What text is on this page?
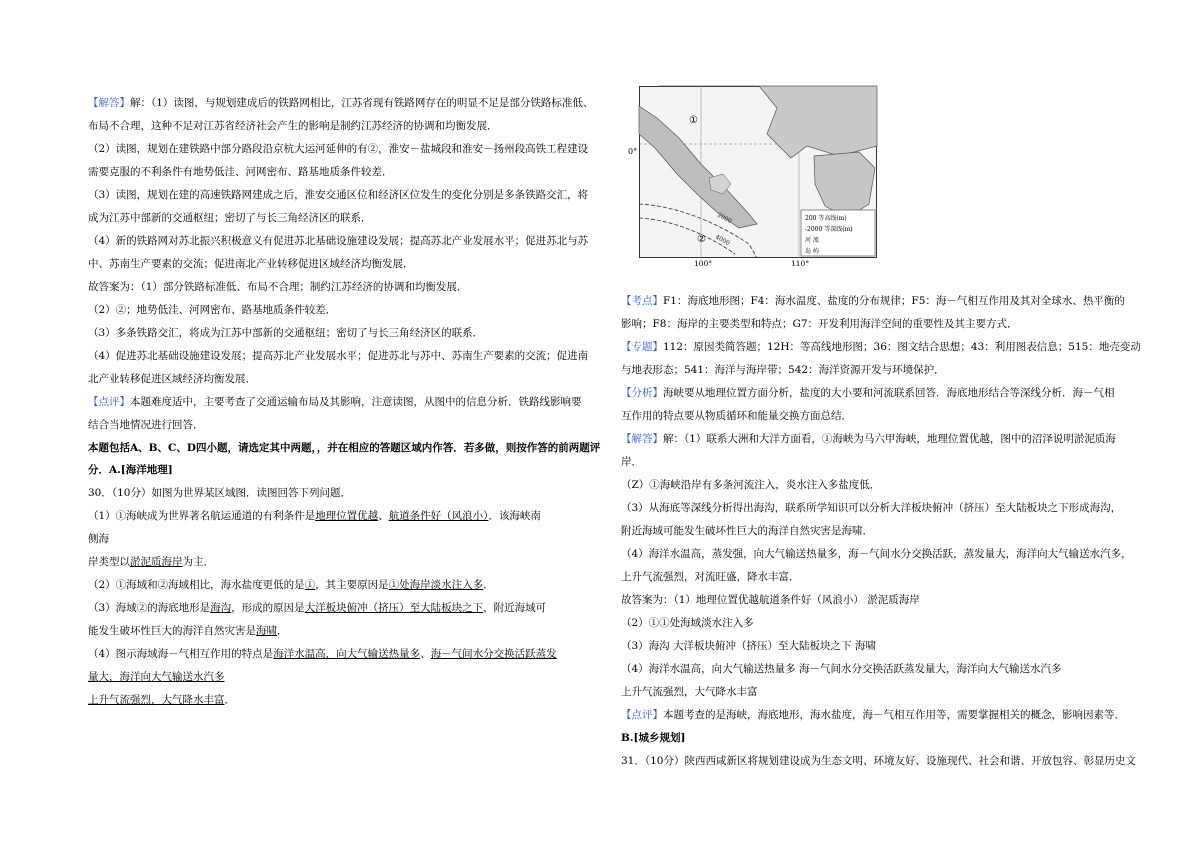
【解答】解：（1）读图，与规划建成后的铁路网相比，江苏省现有铁路网存在的明显不足是部分铁路标准低、
布局不合理，这种不足对江苏省经济社会产生的影响是制约江苏经济的协调和均衡发展．
（2）读图，规划在建铁路中部分路段沿京杭大运河延伸的有②，淮安－盐城段和淮安－扬州段高铁工程建设
需要克服的不利条件有地势低洼、河网密布、路基地质条件较差．
（3）读图，规划在建的高速铁路网建成之后，淮安交通区位和经济区位发生的变化分别是多条铁路交汇，将
成为江苏中部新的交通枢纽；密切了与长三角经济区的联系．
（4）新的铁路网对苏北振兴积极意义有促进苏北基础设施建设发展；提高苏北产业发展水平；促进苏北与苏
中、苏南生产要素的交流；促进南北产业转移促进区域经济均衡发展．
故答案为：（1）部分铁路标准低、布局不合理；制约江苏经济的协调和均衡发展．
（2）②；地势低洼、河网密布、路基地质条件较差．
（3）多条铁路交汇，将成为江苏中部新的交通枢纽；密切了与长三角经济区的联系．
（4）促进苏北基础设施建设发展；提高苏北产业发展水平；促进苏北与苏中、苏南生产要素的交流；促进南
北产业转移促进区域经济均衡发展．
【点评】本题难度适中，主要考查了交通运输布局及其影响，注意读图，从图中的信息分析．铁路线影响要
结合当地情况进行回答．
本题包括A、B、C、D四小题，请选定其中两题，，并在相应的答题区域内作答．若多做，则按作答的前两题评
分．A.[海洋地理]
30．（10分）如图为世界某区域图．读图回答下列问题．
（1）①海峡成为世界著名航运通道的有利条件是地理位置优越、航道条件好（风浪小）．该海峡南
侧海
岸类型以淤泥质海岸为主．
（2）①海域和②海域相比，海水盐度更低的是①，其主要原因是①处海岸淡水注入多．
（3）海域②的海底地形是海沟，形成的原因是大洋板块俯冲（挤压）至大陆板块之下，附近海域可
能发生破坏性巨大的海洋自然灾害是海啸．
（4）图示海域海－气相互作用的特点是海洋水温高，向大气输送热量多、海－气间水分交换活跃蒸发
量大，海洋向大气输送水汽多
上升气流强烈，大气降水丰富．
①
②
0°
100°	110°
2000
4000
200 等高线(m)
-2000 等深线(m)
河 流
岛 屿
【考点】F1：海底地形图；F4：海水温度、盐度的分布规律；F5：海－气相互作用及其对全球水、热平衡的
影响；F8：海岸的主要类型和特点；G7：开发利用海洋空间的重要性及其主要方式．
【专题】112：原因类简答题；12H：等高线地形图；36：图文结合思想；43：利用图表信息；515：地壳变动
与地表形态；541：海洋与海岸带；542：海洋资源开发与环境保护．
【分析】海峡要从地理位置方面分析，盐度的大小要和河流联系回答．海底地形结合等深线分析．海－气相
互作用的特点要从物质循环和能量交换方面总结．
【解答】解：（1）联系大洲和大洋方面看，①海峡为马六甲海峡，地理位置优越，图中的沼泽说明淤泥质海
岸．
（Z）①海峡沿岸有多条河流注入，炎水注入多盐度低．
（3）从海底等深线分析得出海沟，联系所学知识可以分析大洋板块俯冲（挤压）至大陆板块之下形成海沟，
附近海域可能发生破坏性巨大的海洋自然灾害是海啸．
（4）海洋水温高，蒸发强，向大气输送热量多，海－气间水分交换活跃，蒸发量大，海洋向大气输送水汽多，
上升气流强烈，对流旺盛，降水丰富．
故答案为：（1）地理位置优越航道条件好（风浪小） 淤泥质海岸
（2）①①处海域淡水注入多
（3）海沟 大洋板块俯冲（挤压）至大陆板块之下 海啸
（4）海洋水温高，向大气输送热量多 海－气间水分交换活跃蒸发量大，海洋向大气输送水汽多
上升气流强烈，大气降水丰富
【点评】本题考查的是海峡，海底地形，海水盐度，海－气相互作用等，需要掌握相关的概念，影响因素等．
B.[城乡规划]
31．（10分）陕西西咸新区将规划建设成为生态文明、环境友好、设施现代、社会和谐、开放包容、彰显历史文
